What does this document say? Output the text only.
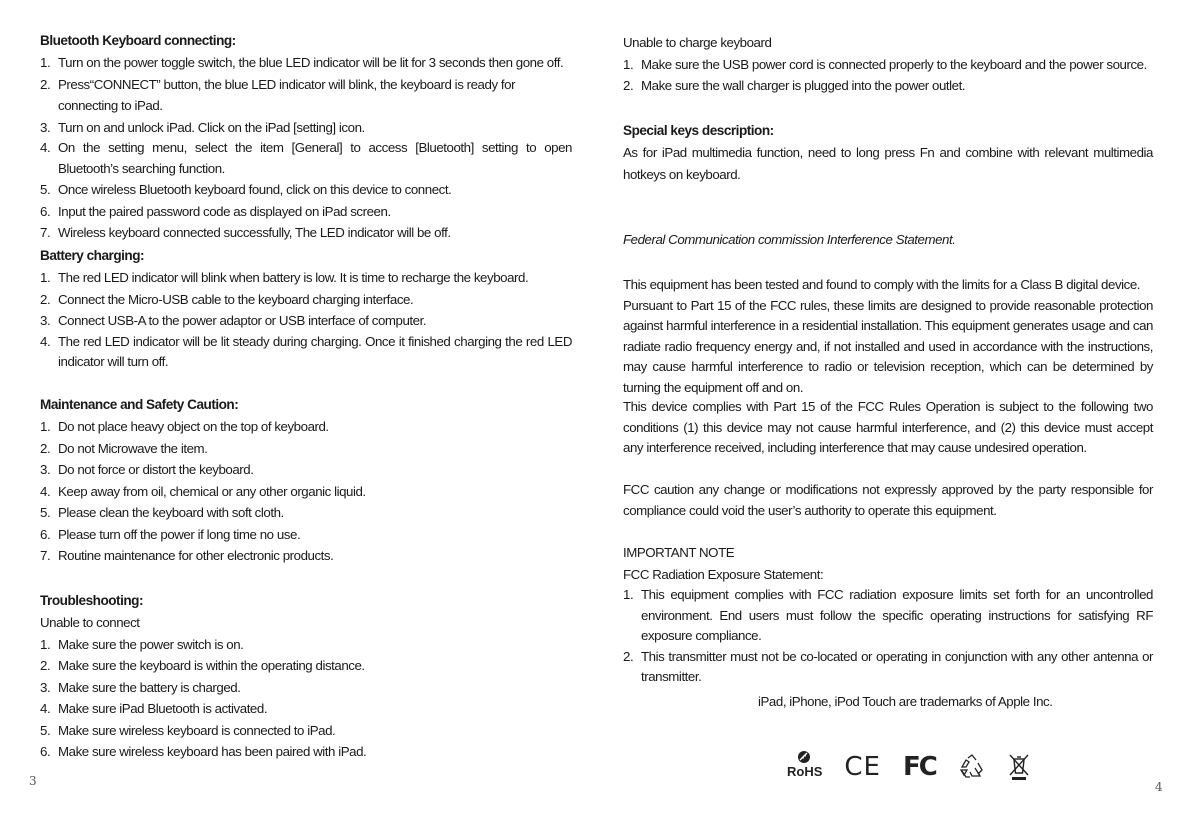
Bluetooth Keyboard connecting:
1. Turn on the power toggle switch, the blue LED indicator will be lit for 3 seconds then gone off.
2. Press“CONNECT” button, the blue LED indicator will blink, the keyboard is ready for connecting to iPad.
3. Turn on and unlock iPad. Click on the iPad [setting] icon.
4. On the setting menu, select the item [General] to access [Bluetooth] setting to open Bluetooth’s searching function.
5. Once wireless Bluetooth keyboard found, click on this device to connect.
6. Input the paired password code as displayed on iPad screen.
7. Wireless keyboard connected successfully, The LED indicator will be off.
Battery charging:
1. The red LED indicator will blink when battery is low. It is time to recharge the keyboard.
2. Connect the Micro-USB cable to the keyboard charging interface.
3. Connect USB-A to the power adaptor or USB interface of computer.
4. The red LED indicator will be lit steady during charging. Once it finished charging the red LED indicator will turn off.
Maintenance and Safety Caution:
1. Do not place heavy object on the top of keyboard.
2. Do not Microwave the item.
3. Do not force or distort the keyboard.
4. Keep away from oil, chemical or any other organic liquid.
5. Please clean the keyboard with soft cloth.
6. Please turn off the power if long time no use.
7. Routine maintenance for other electronic products.
Troubleshooting:

Unable to connect

1. Make sure the power switch is on.
2. Make sure the keyboard is within the operating distance.
3. Make sure the battery is charged.
4. Make sure iPad Bluetooth is activated.
5. Make sure wireless keyboard is connected to iPad.
6. Make sure wireless keyboard has been paired with iPad.
3

Unable to charge keyboard

1. Make sure the USB power cord is connected properly to the keyboard and the power source.
2. Make sure the wall charger is plugged into the power outlet.
Special keys description:

As for iPad multimedia function, need to long press Fn and combine with relevant multimedia hotkeys on keyboard.

Federal Communication commission Interference Statement.

This equipment has been tested and found to comply with the limits for a Class B digital device.

Pursuant to Part 15 of the FCC rules, these limits are designed to provide reasonable protection against harmful interference in a residential installation. This equipment generates usage and can radiate radio frequency energy and, if not installed and used in accordance with the instructions, may cause harmful interference to radio or television reception, which can be determined by turning the equipment off and on.

This device complies with Part 15 of the FCC Rules Operation is subject to the following two conditions (1) this device may not cause harmful interference, and (2) this device must accept any interference received, including interference that may cause undesired operation.

FCC caution any change or modifications not expressly approved by the party responsible for compliance could void the user’s authority to operate this equipment.

IMPORTANT NOTE

FCC Radiation Exposure Statement:

1. This equipment complies with FCC radiation exposure limits set forth for an uncontrolled environment. End users must follow the specific operating instructions for satisfying RF exposure compliance.
2. This transmitter must not be co-located or operating in conjunction with any other antenna or transmitter.

iPad, iPhone, iPod Touch are trademarks of Apple Inc.

RoHS CE FC
4
